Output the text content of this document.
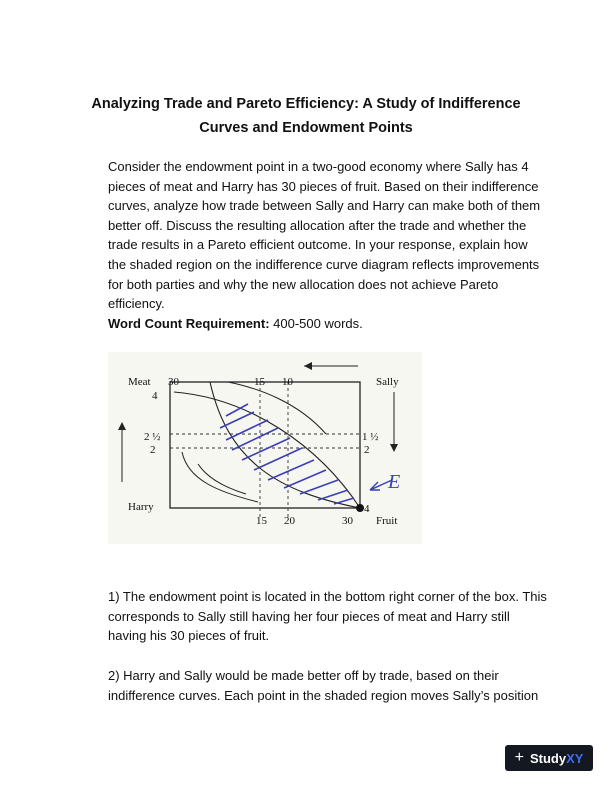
Analyzing Trade and Pareto Efficiency: A Study of Indifference
Curves and Endowment Points

Consider the endowment point in a two-good economy where Sally has 4 pieces of meat and Harry has 30 pieces of fruit. Based on their indifference curves, analyze how trade between Sally and Harry can make both of them better off. Discuss the resulting allocation after the trade and whether the trade results in a Pareto efficient outcome. In your response, explain how the shaded region on the indifference curve diagram reflects improvements for both parties and why the new allocation does not achieve Pareto efficiency.

Word Count Requirement: 400-500 words.

E
Meat 30	15 10	Sally
4
2 ½
2
1 ½
2
Harry
15 20	30
4
Fruit

1) The endowment point is located in the bottom right corner of the box. This corresponds to Sally still having her four pieces of meat and Harry still having his 30 pieces of fruit.

2) Harry and Sally would be made better off by trade, based on their indifference curves. Each point in the shaded region moves Sally’s position

+ Study XY
